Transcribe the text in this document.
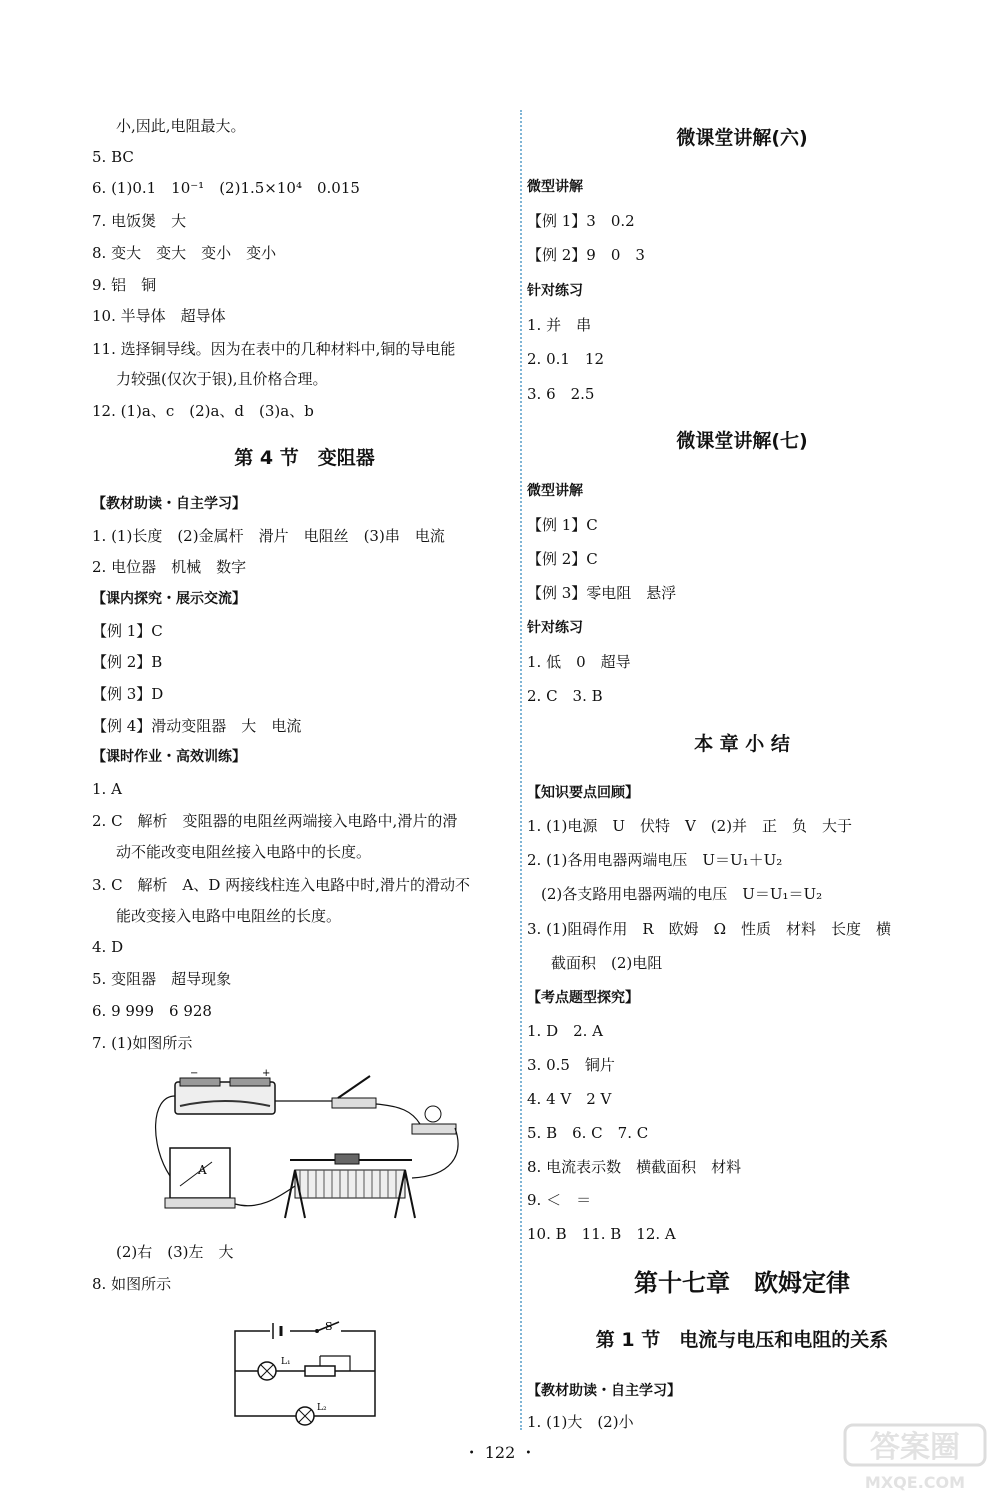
小,因此,电阻最大。
5. BC
6. (1)0.1　10⁻¹　(2)1.5×10⁴　0.015
7. 电饭煲　大
8. 变大　变大　变小　变小
9. 铝　铜
10. 半导体　超导体
11. 选择铜导线。因为在表中的几种材料中,铜的导电能
力较强(仅次于银),且价格合理。
12. (1)a、c　(2)a、d　(3)a、b
第 4 节　变阻器
【教材助读・自主学习】
1. (1)长度　(2)金属杆　滑片　电阻丝　(3)串　电流
2. 电位器　机械　数字
【课内探究・展示交流】
【例 1】C
【例 2】B
【例 3】D
【例 4】滑动变阻器　大　电流
【课时作业・高效训练】
1. A
2. C　解析　变阻器的电阻丝两端接入电路中,滑片的滑
动不能改变电阻丝接入电路中的长度。
3. C　解析　A、D 两接线柱连入电路中时,滑片的滑动不
能改变接入电路中电阻丝的长度。
4. D
5. 变阻器　超导现象
6. 9 999　6 928
7. (1)如图所示
−	+
A
(2)右　(3)左　大
8. 如图所示
S
L₁
L₂
微课堂讲解(六)
微型讲解
【例 1】3　0.2
【例 2】9　0　3
针对练习
1. 并　串
2. 0.1　12
3. 6　2.5
微课堂讲解(七)
微型讲解
【例 1】C
【例 2】C
【例 3】零电阻　悬浮
针对练习
1. 低　0　超导
2. C　3. B
本 章 小 结
【知识要点回顾】
1. (1)电源　U　伏特　V　(2)并　正　负　大于
2. (1)各用电器两端电压　U＝U₁＋U₂
(2)各支路用电器两端的电压　U＝U₁＝U₂
3. (1)阻碍作用　R　欧姆　Ω　性质　材料　长度　横
截面积　(2)电阻
【考点题型探究】
1. D　2. A
3. 0.5　铜片
4. 4 V　2 V
5. B　6. C　7. C
8. 电流表示数　横截面积　材料
9. ＜　＝
10. B　11. B　12. A
第十七章　欧姆定律
第 1 节　电流与电压和电阻的关系
【教材助读・自主学习】
1. (1)大　(2)小
・ 122 ・	答案圈
MXQE.COM
